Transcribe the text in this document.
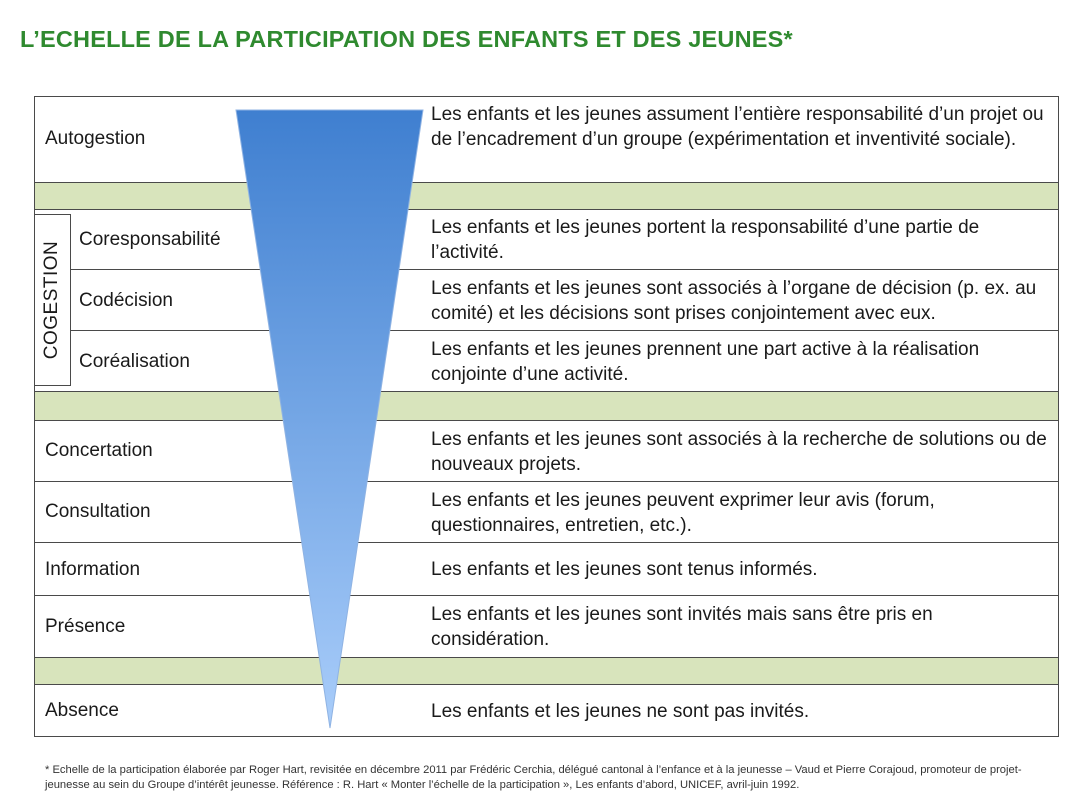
L’ECHELLE DE LA PARTICIPATION DES ENFANTS ET DES JEUNES*
COGESTION
Autogestion
Coresponsabilité
Codécision
Coréalisation
Concertation
Consultation
Information
Présence
Absence
Les enfants et les jeunes assument l’entière responsabilité d’un projet ou de l’encadrement d’un groupe (expérimentation et inventivité sociale).
Les enfants et les jeunes portent la responsabilité d’une partie de l’activité.
Les enfants et les jeunes sont associés à l’organe de décision (p. ex. au comité) et les décisions sont prises conjointement avec eux.
Les enfants et les jeunes prennent une part active à la réalisation conjointe d’une activité.
Les enfants et les jeunes sont associés à la recherche de solutions ou de nouveaux projets.
Les enfants et les jeunes peuvent exprimer leur avis (forum, questionnaires, entretien, etc.).
Les enfants et les jeunes sont tenus informés.
Les enfants et les jeunes sont invités mais sans être pris en considération.
Les enfants et les jeunes ne sont pas invités.
* Echelle de la participation élaborée par Roger Hart, revisitée en décembre 2011 par Frédéric Cerchia, délégué cantonal à l’enfance et à la jeunesse – Vaud et Pierre Corajoud, promoteur de projet-jeunesse au sein du Groupe d’intérêt jeunesse. Référence : R. Hart « Monter l’échelle de la participation », Les enfants d’abord, UNICEF, avril-juin 1992.
